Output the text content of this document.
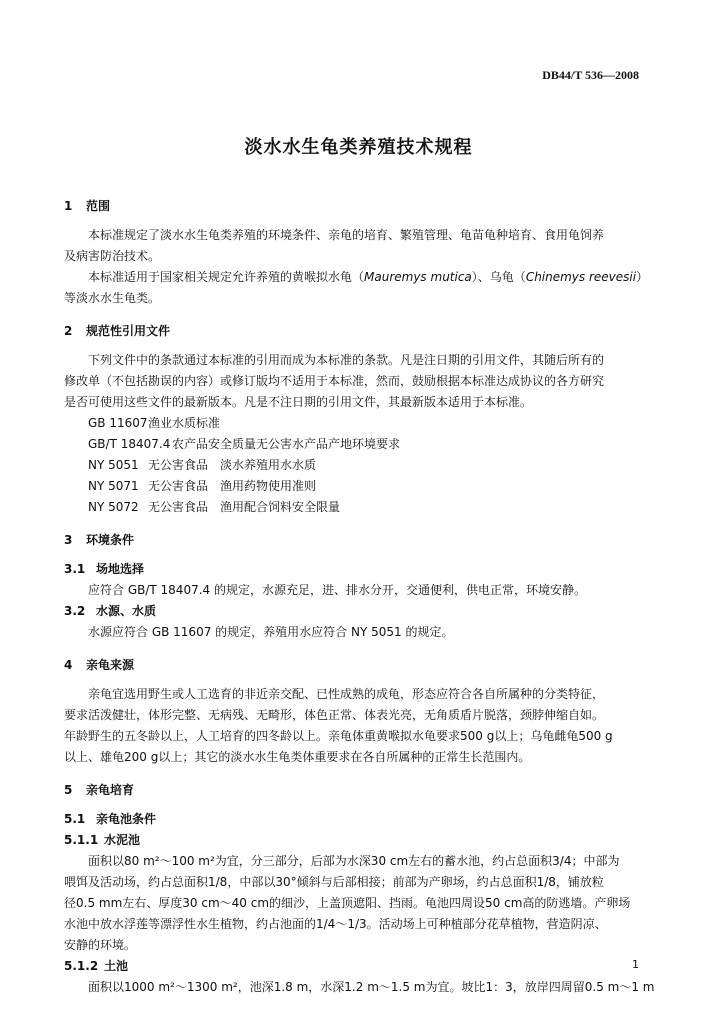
DB44/T 536—2008
淡水水生龟类养殖技术规程

1 范围

本标准规定了淡水水生龟类养殖的环境条件、亲龟的培育、繁殖管理、龟苗龟种培育、食用龟饲养

及病害防治技术。

本标准适用于国家相关规定允许养殖的黄喉拟水龟（Mauremys mutica）、乌龟（Chinemys reevesii）

等淡水水生龟类。

2 规范性引用文件

下列文件中的条款通过本标准的引用而成为本标准的条款。凡是注日期的引用文件，其随后所有的

修改单（不包括勘误的内容）或修订版均不适用于本标准，然而，鼓励根据本标准达成协议的各方研究

是否可使用这些文件的最新版本。凡是不注日期的引用文件，其最新版本适用于本标准。

GB 11607渔业水质标准

GB/T 18407.4 农产品安全质量无公害水产品产地环境要求

NY 5051 无公害食品　淡水养殖用水水质

NY 5071 无公害食品　渔用药物使用准则

NY 5072 无公害食品　渔用配合饲料安全限量

3 环境条件

3.1 场地选择

应符合 GB/T 18407.4 的规定，水源充足，进、排水分开，交通便利，供电正常，环境安静。

3.2 水源、水质

水源应符合 GB 11607 的规定，养殖用水应符合 NY 5051 的规定。

4 亲龟来源

亲龟宜选用野生或人工选育的非近亲交配、已性成熟的成龟，形态应符合各自所属种的分类特征，

要求活泼健壮，体形完整、无病残、无畸形，体色正常、体表光亮，无角质盾片脱落，颈脖伸缩自如。

年龄野生的五冬龄以上，人工培育的四冬龄以上。亲龟体重黄喉拟水龟要求500 g以上；乌龟雌龟500 g

以上、雄龟200 g以上；其它的淡水水生龟类体重要求在各自所属种的正常生长范围内。

5 亲龟培育

5.1 亲龟池条件

5.1.1 水泥池

面积以80 m²～100 m²为宜，分三部分，后部为水深30 cm左右的蓄水池，约占总面积3/4；中部为

喂饵及活动场，约占总面积1/8，中部以30°倾斜与后部相接；前部为产卵场，约占总面积1/8，铺放粒

径0.5 mm左右、厚度30 cm～40 cm的细沙，上盖顶遮阳、挡雨。龟池四周设50 cm高的防逃墙。产卵场

水池中放水浮莲等漂浮性水生植物，约占池面的1/4～1/3。活动场上可种植部分花草植物，营造阴凉、

安静的环境。

5.1.2 土池

面积以1000 m²～1300 m²，池深1.8 m，水深1.2 m～1.5 m为宜。坡比1：3，放岸四周留0.5 m～1 m

1
